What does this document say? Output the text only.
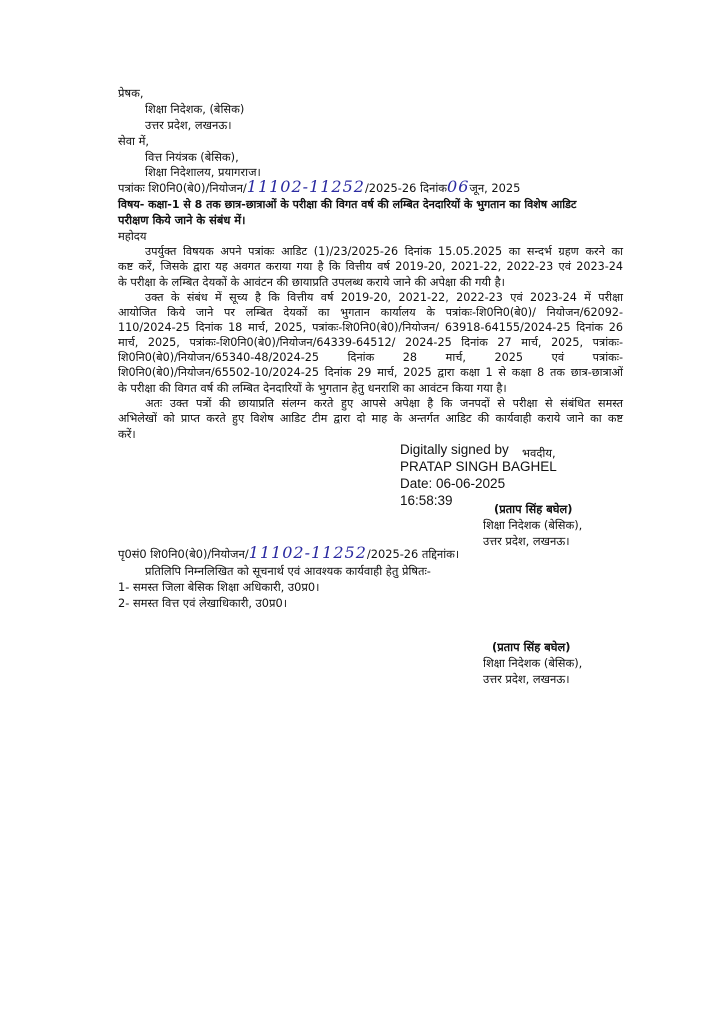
प्रेषक,
शिक्षा निदेशक, (बेसिक)
उत्तर प्रदेश, लखनऊ।
सेवा में,
वित्त नियंत्रक (बेसिक),
शिक्षा निदेशालय, प्रयागराज।
पत्रांकः शि0नि0(बे0)/नियोजन/11102-11252/2025-26 दिनांक06जून, 2025
विषय- कक्षा-1 से 8 तक छात्र-छात्राओं के परीक्षा की विगत वर्ष की लम्बित देनदारियों के भुगतान का विशेष आडिट
परीक्षण किये जाने के संबंध में।
महोदय
उपर्युक्त विषयक अपने पत्रांकः आडिट (1)/23/2025-26 दिनांक 15.05.2025 का सन्दर्भ ग्रहण करने का
कष्ट करें, जिसके द्वारा यह अवगत कराया गया है कि वित्तीय वर्ष 2019-20, 2021-22, 2022-23 एवं 2023-24
के परीक्षा के लम्बित देयकों के आवंटन की छायाप्रति उपलब्ध कराये जाने की अपेक्षा की गयी है।
उक्त के संबंध में सूच्य है कि वित्तीय वर्ष 2019-20, 2021-22, 2022-23 एवं 2023-24 में परीक्षा
आयोजित किये जाने पर लम्बित देयकों का भुगतान कार्यालय के पत्रांकः-शि0नि0(बे0)/ नियोजन/62092-
110/2024-25 दिनांक 18 मार्च, 2025, पत्रांकः-शि0नि0(बे0)/नियोजन/ 63918-64155/2024-25 दिनांक 26
मार्च, 2025, पत्रांकः-शि0नि0(बे0)/नियोजन/64339-64512/ 2024-25 दिनांक 27 मार्च, 2025, पत्रांकः-
शि0नि0(बे0)/नियोजन/65340-48/2024-25 दिनांक 28 मार्च, 2025 एवं पत्रांकः-
शि0नि0(बे0)/नियोजन/65502-10/2024-25 दिनांक 29 मार्च, 2025 द्वारा कक्षा 1 से कक्षा 8 तक छात्र-छात्राओं
के परीक्षा की विगत वर्ष की लम्बित देनदारियों के भुगतान हेतु धनराशि का आवंटन किया गया है।
अतः उक्त पत्रों की छायाप्रति संलग्न करते हुए आपसे अपेक्षा है कि जनपदों से परीक्षा से संबंधित समस्त
अभिलेखों को प्राप्त करते हुए विशेष आडिट टीम द्वारा दो माह के अन्तर्गत आडिट की कार्यवाही कराये जाने का कष्ट
करें।
Digitally signed by भवदीय,
PRATAP SINGH BAGHEL
Date: 06-06-2025
16:58:39
(प्रताप सिंह बघेल)
शिक्षा निदेशक (बेसिक),
उत्तर प्रदेश, लखनऊ।
पृ0सं0 शि0नि0(बे0)/नियोजन/11102-11252/2025-26 तद्दिनांक।
प्रतिलिपि निम्नलिखित को सूचनार्थ एवं आवश्यक कार्यवाही हेतु प्रेषितः-
1- समस्त जिला बेसिक शिक्षा अधिकारी, उ0प्र0।
2- समस्त वित्त एवं लेखाधिकारी, उ0प्र0।
(प्रताप सिंह बघेल)
शिक्षा निदेशक (बेसिक),
उत्तर प्रदेश, लखनऊ।
